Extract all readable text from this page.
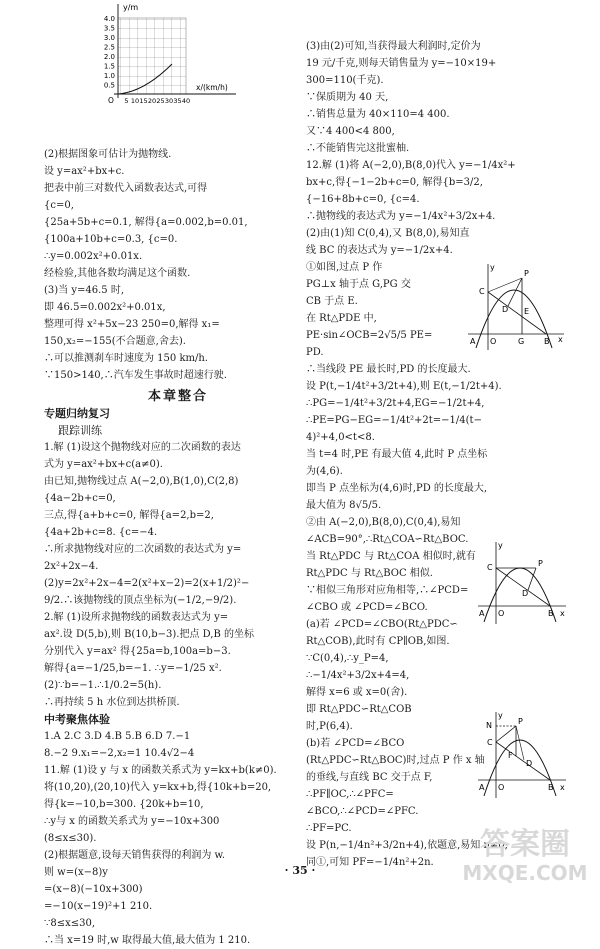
y/m
x/(km/h)
O
4.0
3.5
3.0
2.5
2.0
1.5
1.0
0.5
5 10 15 20 25 30 35 40
(2)根据图象可估计为抛物线.
设 y=ax²+bx+c.
把表中前三对数代入函数表达式,可得
{c=0,
{25a+5b+c=0.1, 解得{a=0.002,b=0.01,
{100a+10b+c=0.3, {c=0.
∴y=0.002x²+0.01x.
经检验,其他各数均满足这个函数.
(3)当 y=46.5 时,
即 46.5=0.002x²+0.01x,
整理可得 x²+5x−23 250=0,解得 x₁=
150,x₂=−155(不合题意,舍去).
∴可以推测刹车时速度为 150 km/h.
∵150>140,∴汽车发生事故时超速行驶.
本章整合
专题归纳复习
跟踪训练
1.解 (1)设这个抛物线对应的二次函数的表达
式为 y=ax²+bx+c(a≠0).
由已知,抛物线过点 A(−2,0),B(1,0),C(2,8)
{4a−2b+c=0,
三点,得{a+b+c=0, 解得{a=2,b=2,
{4a+2b+c=8. {c=−4.
∴所求抛物线对应的二次函数的表达式为 y=
2x²+2x−4.
(2)y=2x²+2x−4=2(x²+x−2)=2(x+1/2)²−
9/2.∴该抛物线的顶点坐标为(−1/2,−9/2).
2.解 (1)设所求抛物线的函数表达式为 y=
ax².设 D(5,b),则 B(10,b−3).把点 D,B 的坐标
分别代入 y=ax² 得{25a=b,100a=b−3.
解得{a=−1/25,b=−1. ∴y=−1/25 x².
(2)∵b=−1.∴1/0.2=5(h).
∴再持续 5 h 水位到达拱桥顶.
中考聚焦体验
1.A 2.C 3.D 4.B 5.B 6.D 7.−1
8.−2 9.x₁=−2,x₂=1 10.4√2−4
11.解 (1)设 y 与 x 的函数关系式为 y=kx+b(k≠0).
将(10,20),(20,10)代入 y=kx+b,得{10k+b=20,
得{k=−10,b=300. {20k+b=10,
∴y与 x 的函数关系式为 y=−10x+300
(8≤x≤30).
(2)根据题意,设每天销售获得的利润为 w.
则 w=(x−8)y
=(x−8)(−10x+300)
=−10(x−19)²+1 210.
∵8≤x≤30,
∴当 x=19 时,w 取得最大值,最大值为 1 210.
(3)由(2)可知,当获得最大利润时,定价为
19 元/千克,则每天销售量为 y=−10×19+
300=110(千克).
∵保质期为 40 天,
∴销售总量为 40×110=4 400.
又∵4 400<4 800,
∴不能销售完这批蜜柚.
12.解 (1)将 A(−2,0),B(8,0)代入 y=−1/4x²+
bx+c,得{−1−2b+c=0, 解得{b=3/2,
{−16+8b+c=0, {c=4.
∴抛物线的表达式为 y=−1/4x²+3/2x+4.
(2)由(1)知 C(0,4),又 B(8,0),易知直
线 BC 的表达式为 y=−1/2x+4.
①如图,过点 P 作
PG⊥x 轴于点 G,PG 交
CB 于点 E.
在 Rt△PDE 中,
PE·sin∠OCB=2√5/5 PE=
PD.
∴当线段 PE 最长时,PD 的长度最大.
设 P(t,−1/4t²+3/2t+4),则 E(t,−1/2t+4).
∴PG=−1/4t²+3/2t+4,EG=−1/2t+4,
∴PE=PG−EG=−1/4t²+2t=−1/4(t−
4)²+4,0<t<8.
当 t=4 时,PE 有最大值 4,此时 P 点坐标
为(4,6).
即当 P 点坐标为(4,6)时,PD 的长度最大,
最大值为 8√5/5.
②由 A(−2,0),B(8,0),C(0,4),易知
∠ACB=90°,∴Rt△COA∽Rt△BOC.
当 Rt△PDC 与 Rt△COA 相似时,就有
Rt△PDC 与 Rt△BOC 相似.
∵相似三角形对应角相等,∴∠PCD=
∠CBO 或 ∠PCD=∠BCO.
(a)若 ∠PCD=∠CBO(Rt△PDC∽
Rt△COB),此时有 CP∥OB,如图.
∵C(0,4),∴y_P=4,
∴−1/4x²+3/2x+4=4,
解得 x=6 或 x=0(舍).
即 Rt△PDC∽Rt△COB
时,P(6,4).
(b)若 ∠PCD=∠BCO
(Rt△PDC∽Rt△BOC)时,过点 P 作 x 轴
的垂线,与直线 BC 交于点 F,
∴PF∥OC,∴∠PFC=
∠BCO,∴∠PCD=∠PFC.
∴PF=PC.
设 P(n,−1/4n²+3/2n+4),依题意,易知 n≠0,
同①,可知 PF=−1/4n²+2n.
y
x
C
P
D E
A O	G B
y
x
C	P
D
A O	B
y
x
N	P
C
F
D
A O	B
· 35 ·
答案圈
MXQE.COM
